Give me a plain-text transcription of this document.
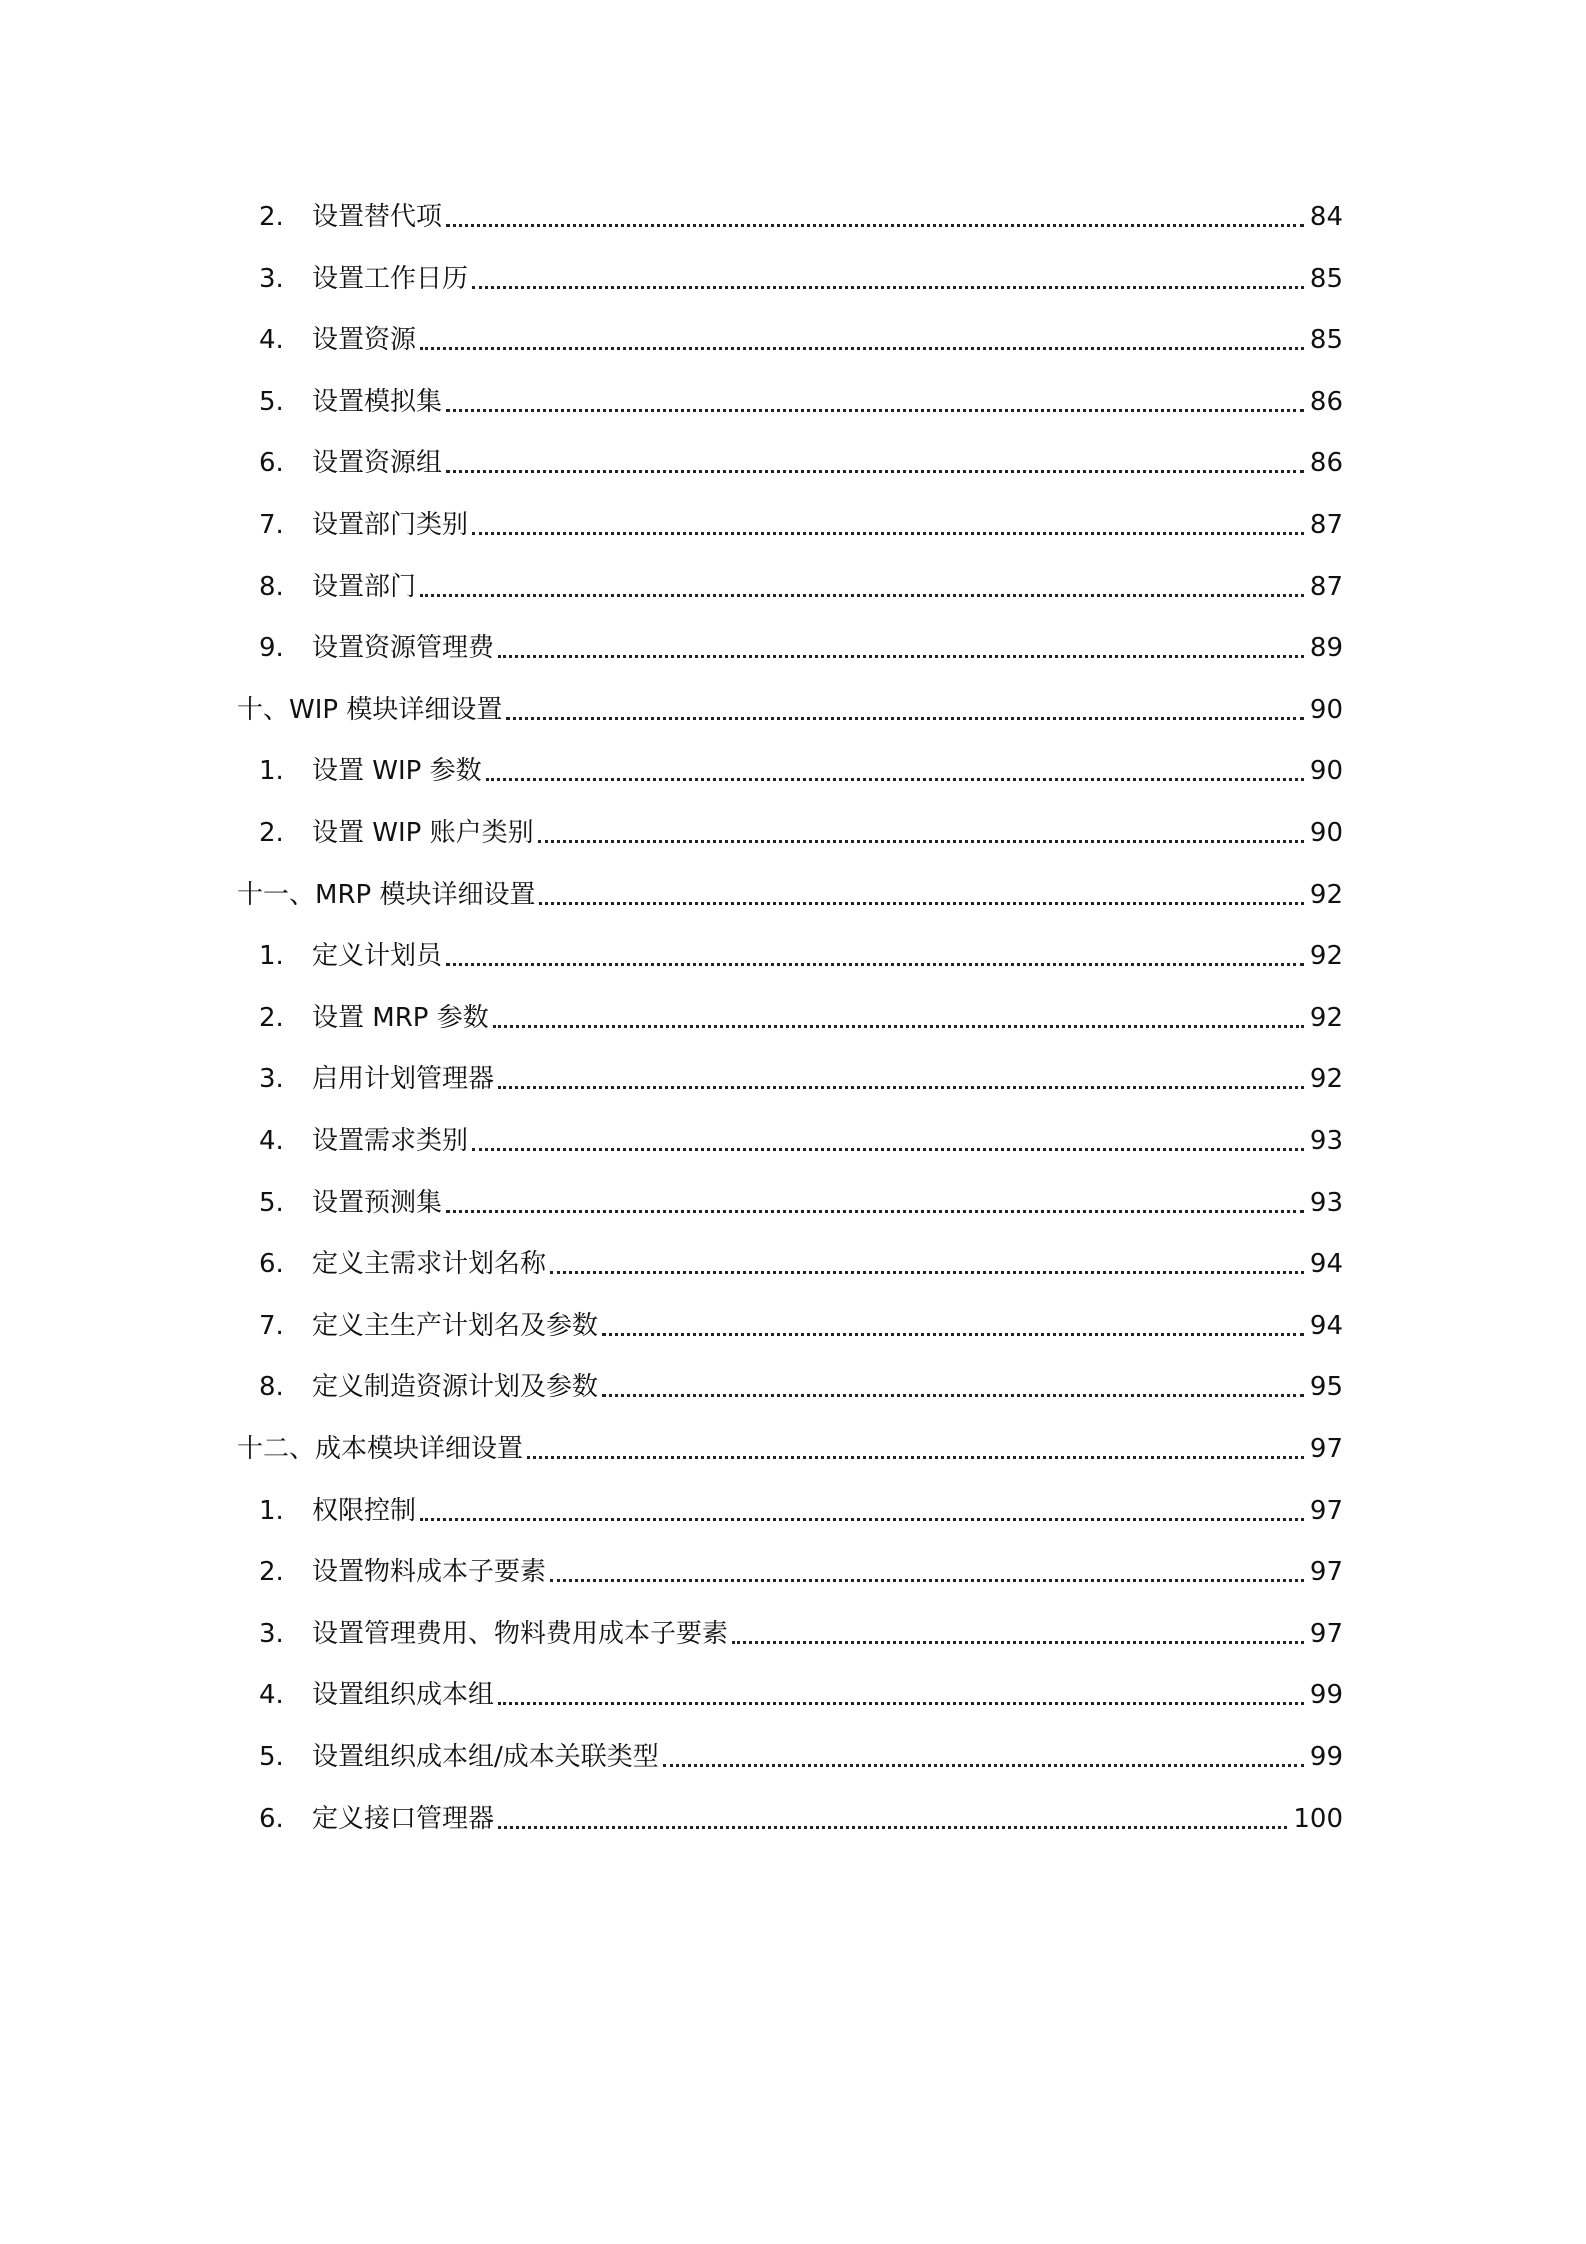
2.	设置替代项	84
3.	设置工作日历	85
4.	设置资源	85
5.	设置模拟集	86
6.	设置资源组	86
7.	设置部门类别	87
8.	设置部门	87
9.	设置资源管理费	89
十、 WIP 模块详细设置	90
1.	设置 WIP 参数	90
2.	设置 WIP 账户类别	90
十一、 MRP 模块详细设置	92
1.	定义计划员	92
2.	设置 MRP 参数	92
3.	启用计划管理器	92
4.	设置需求类别	93
5.	设置预测集	93
6.	定义主需求计划名称	94
7.	定义主生产计划名及参数	94
8.	定义制造资源计划及参数	95
十二、 成本模块详细设置	97
1.	权限控制	97
2.	设置物料成本子要素	97
3.	设置管理费用、物料费用成本子要素	97
4.	设置组织成本组	99
5.	设置组织成本组/成本关联类型	99
6.	定义接口管理器	100
